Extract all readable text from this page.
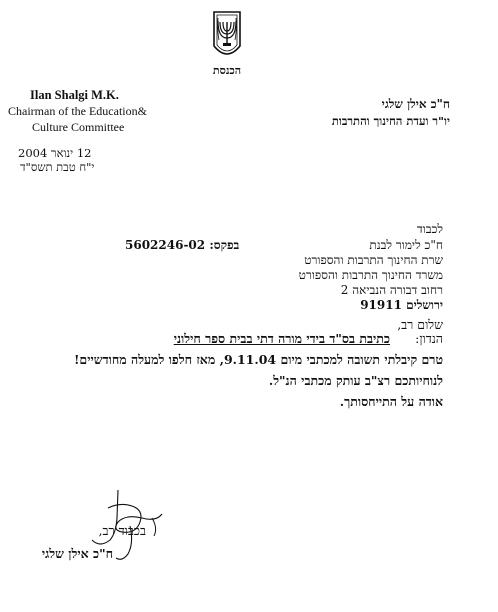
הכנסת
Ilan Shalgi M.K.
Chairman of the Education&
Culture Committee
ח"כ אילן שלגי
יו"ר ועדת החינוך והתרבות
12 ינואר 2004
י"ח טבת תשס"ד
לכבוד
ח"כ לימור לבנת
בפקס: 5602246-02
שרת החינוך התרבות והספורט
משרד החינוך התרבות והספורט
רחוב דבורה הנביאה 2
ירושלים 91911
שלום רב,
הנדון:
כתיבת בס"ד בידי מורה דתי בבית ספר חילוני
טרם קיבלתי תשובה למכתבי מיום 9.11.04, מאז חלפו למעלה מחודשיים!
לנוחיותכם רצ"ב עותק מכתבי הנ"ל.
אודה על התייחסותך.
בכבוד רב,
ח"כ אילן שלגי
